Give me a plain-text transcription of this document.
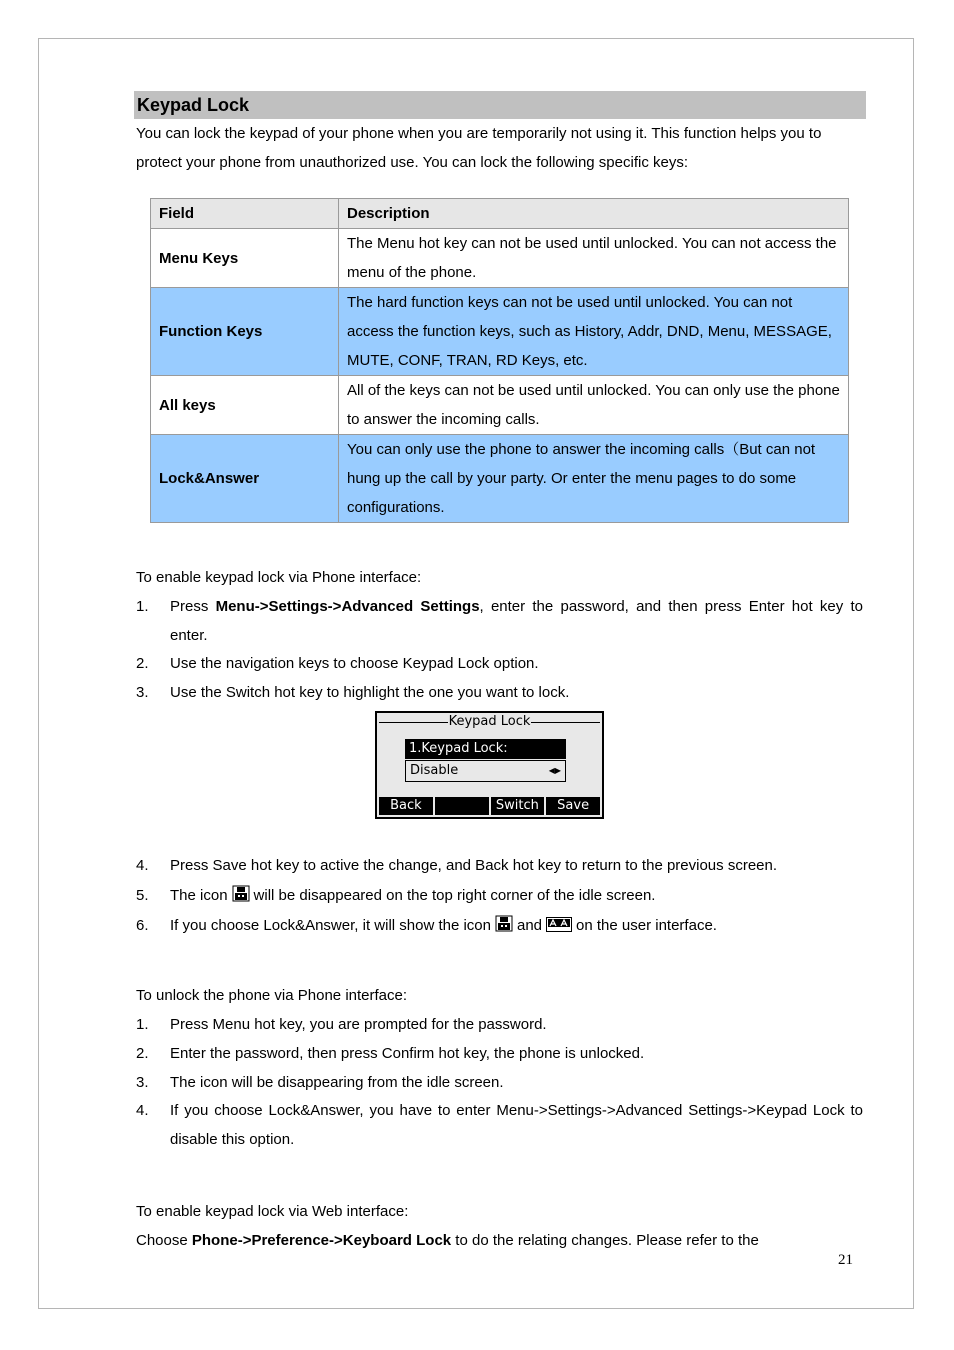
Keypad Lock
You can lock the keypad of your phone when you are temporarily not using it. This function helps you to protect your phone from unauthorized use. You can lock the following specific keys:
Field	Description
Menu Keys	The Menu hot key can not be used until unlocked. You can not access the menu of the phone.
Function Keys	The hard function keys can not be used until unlocked. You can not access the function keys, such as History, Addr, DND, Menu, MESSAGE, MUTE, CONF, TRAN, RD Keys, etc.
All keys	All of the keys can not be used until unlocked. You can only use the phone to answer the incoming calls.
Lock&Answer	You can only use the phone to answer the incoming calls（But can not hung up the call by your party. Or enter the menu pages to do some configurations.
To enable keypad lock via Phone interface:
1. Press Menu->Settings->Advanced Settings, enter the password, and then press Enter hot key to enter.
2. Use the navigation keys to choose Keypad Lock option.
3. Use the Switch hot key to highlight the one you want to lock.
Keypad Lock
1.Keypad Lock:
Disable	◀▶
Back	Switch	Save
4. Press Save hot key to active the change, and Back hot key to return to the previous screen.
5. The icon will be disappeared on the top right corner of the idle screen.
6. If you choose Lock&Answer, it will show the icon and on the user interface.
To unlock the phone via Phone interface:
1. Press Menu hot key, you are prompted for the password.
2. Enter the password, then press Confirm hot key, the phone is unlocked.
3. The icon will be disappearing from the idle screen.
4. If you choose Lock&Answer, you have to enter Menu->Settings->Advanced Settings->Keypad Lock to disable this option.
To enable keypad lock via Web interface:
Choose Phone->Preference->Keyboard Lock to do the relating changes. Please refer to the
21
